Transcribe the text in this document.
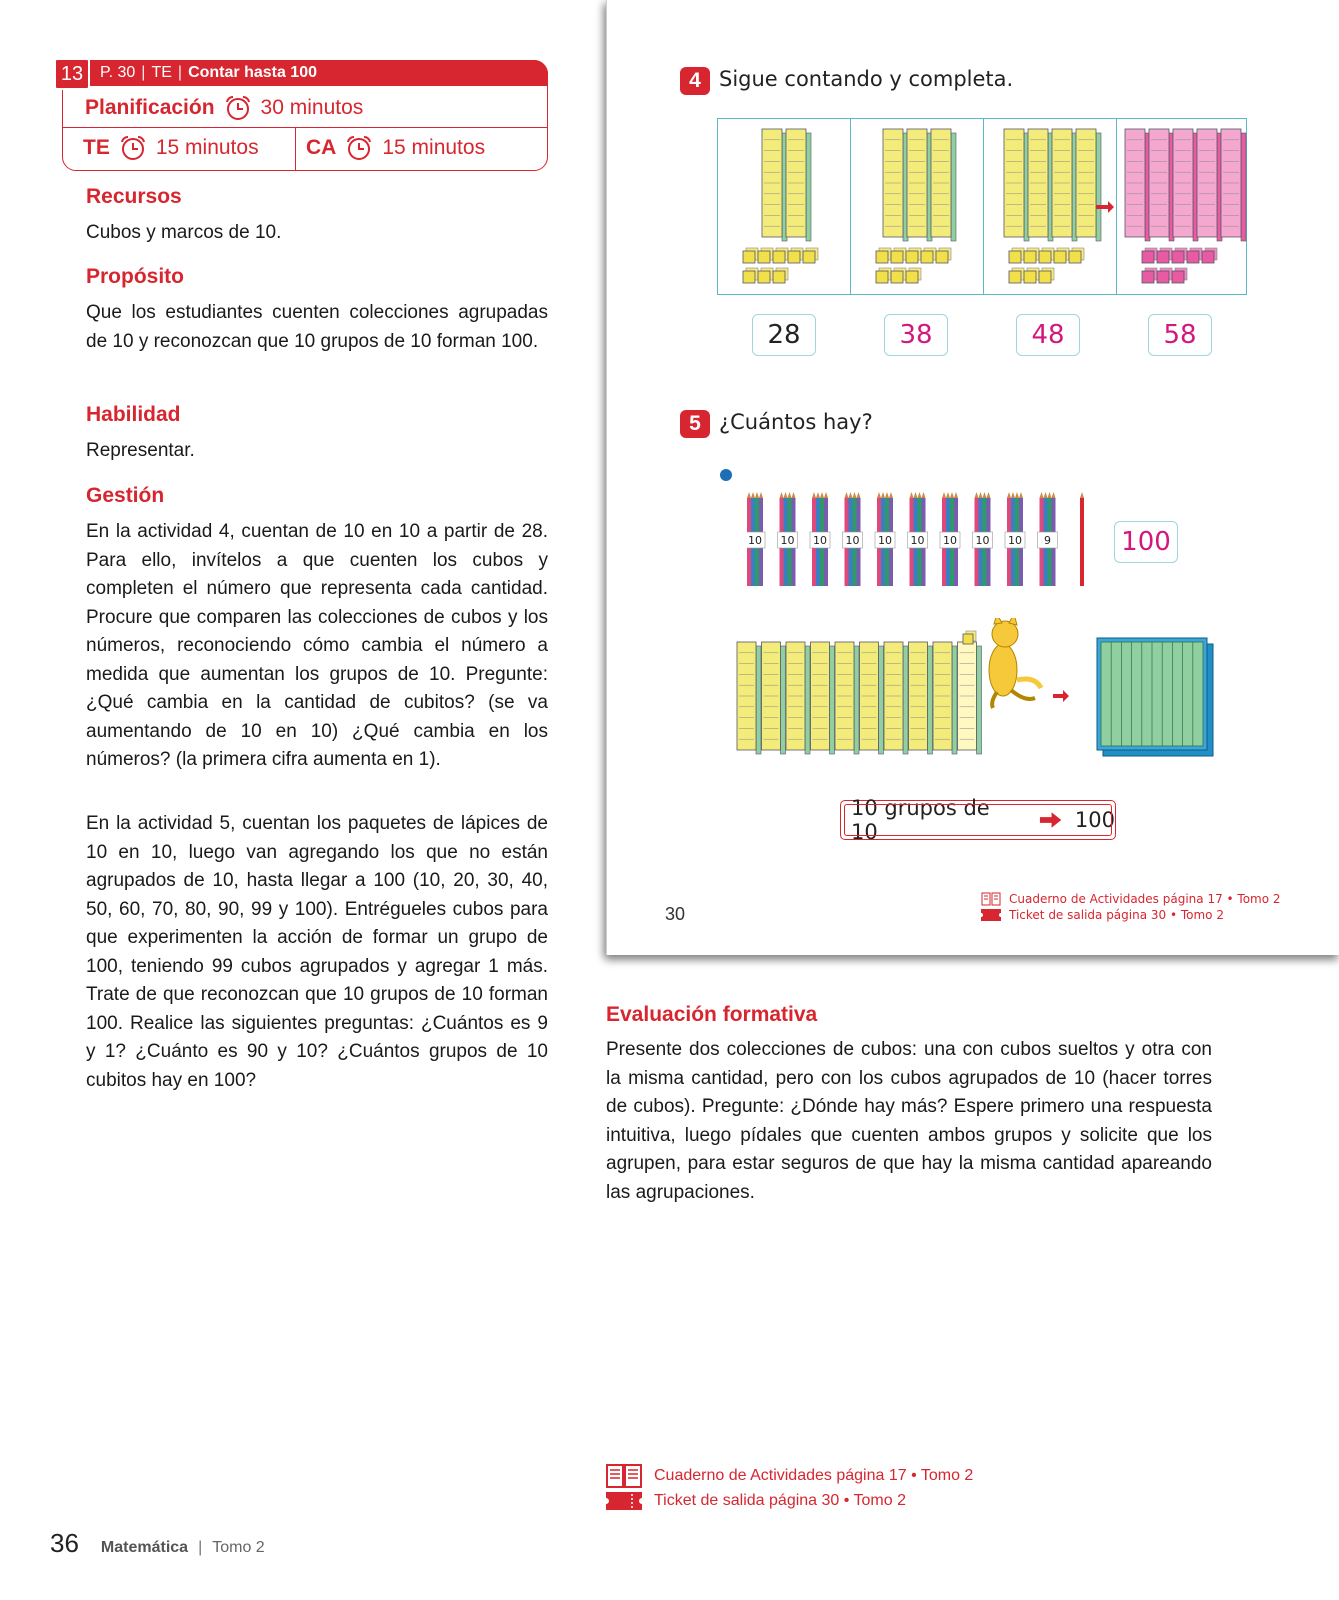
P. 30 | TE | Contar hasta 100
13
Planificación 30 minutos
TE 15 minutos CA 15 minutos
Recursos
Cubos y marcos de 10.
Propósito
Que los estudiantes cuenten colecciones agrupadas de 10 y reconozcan que 10 grupos de 10 forman 100.
Habilidad
Representar.
Gestión
En la actividad 4, cuentan de 10 en 10 a partir de 28. Para ello, invítelos a que cuenten los cubos y completen el número que representa cada cantidad. Procure que comparen las colecciones de cubos y los números, reconociendo cómo cambia el número a medida que aumentan los grupos de 10. Pregunte: ¿Qué cambia en la cantidad de cubitos? (se va aumentando de 10 en 10) ¿Qué cambia en los números? (la primera cifra aumenta en 1).
En la actividad 5, cuentan los paquetes de lápices de 10 en 10, luego van agregando los que no están agrupados de 10, hasta llegar a 100 (10, 20, 30, 40, 50, 60, 70, 80, 90, 99 y 100). Entrégueles cubos para que experimenten la acción de formar un grupo de 100, teniendo 99 cubos agrupados y agregar 1 más. Trate de que reconozcan que 10 grupos de 10 forman 100. Realice las siguientes preguntas: ¿Cuántos es 9 y 1? ¿Cuánto es 90 y 10? ¿Cuántos grupos de 10 cubitos hay en 100?
4 Sigue contando y completa.
28	38	48	58
5 ¿Cuántos hay?
10 10 10 10 10 10 10 10 10 9	100
10 grupos de 10	100
30
Cuaderno de Actividades página 17 • Tomo 2
Ticket de salida página 30 • Tomo 2
Evaluación formativa
Presente dos colecciones de cubos: una con cubos sueltos y otra con la misma cantidad, pero con los cubos agrupados de 10 (hacer torres de cubos). Pregunte: ¿Dónde hay más? Espere primero una respuesta intuitiva, luego pídales que cuenten ambos grupos y solicite que los agrupen, para estar seguros de que hay la misma cantidad apareando las agrupaciones.
Cuaderno de Actividades página 17 • Tomo 2
Ticket de salida página 30 • Tomo 2
36 Matemática | Tomo 2
